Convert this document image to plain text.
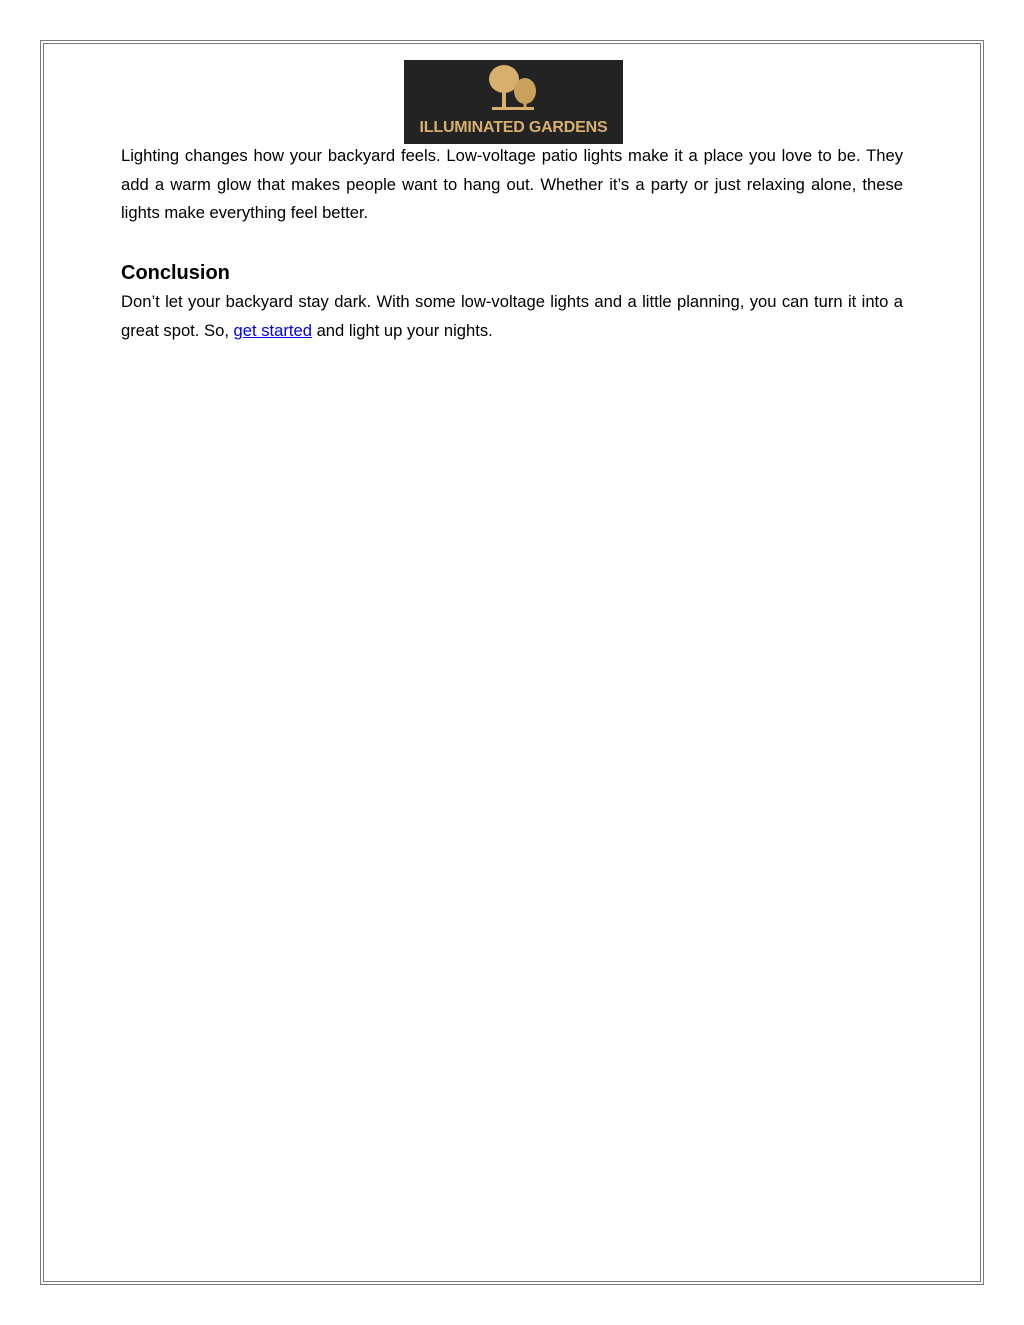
ILLUMINATED GARDENS

Lighting changes how your backyard feels. Low-voltage patio lights make it a place you love to be. They add a warm glow that makes people want to hang out. Whether it’s a party or just relaxing alone, these lights make everything feel better.

Conclusion

Don’t let your backyard stay dark. With some low-voltage lights and a little planning, you can turn it into a great spot. So, get started and light up your nights.
